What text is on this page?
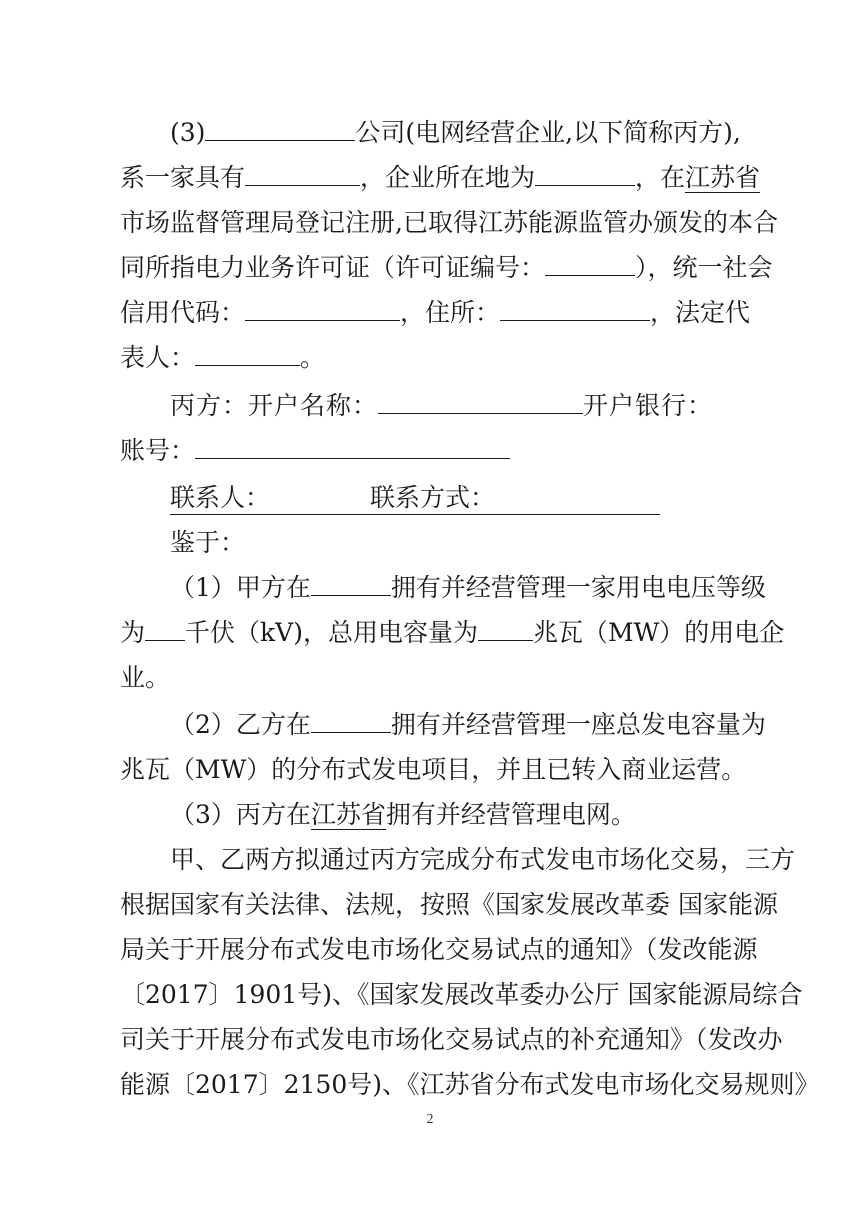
(3)	公司(电网经营企业,以下简称丙方),
系一家具有	，企业所在地为	，在江苏省
市场监督管理局登记注册,已取得江苏能源监管办颁发的本合
同所指电力业务许可证（许可证编号：	），统一社会
信用代码：	，住所：	，法定代
表人：	。
丙方：开户名称：	开户银行：
账号：
联系人：	联系方式：
鉴于：
（1）甲方在	拥有并经营管理一家用电电压等级
为 千伏（kV)，总用电容量为 兆瓦（MW）的用电企
业。
（2）乙方在	拥有并经营管理一座总发电容量为
兆瓦（MW）的分布式发电项目，并且已转入商业运营。
（3）丙方在江苏省拥有并经营管理电网。
甲、乙两方拟通过丙方完成分布式发电市场化交易，三方
根据国家有关法律、法规，按照《国家发展改革委 国家能源
局关于开展分布式发电市场化交易试点的通知》（发改能源
〔2017〕1901号)、《国家发展改革委办公厅 国家能源局综合
司关于开展分布式发电市场化交易试点的补充通知》（发改办
能源〔2017〕2150号)、《江苏省分布式发电市场化交易规则》
2
